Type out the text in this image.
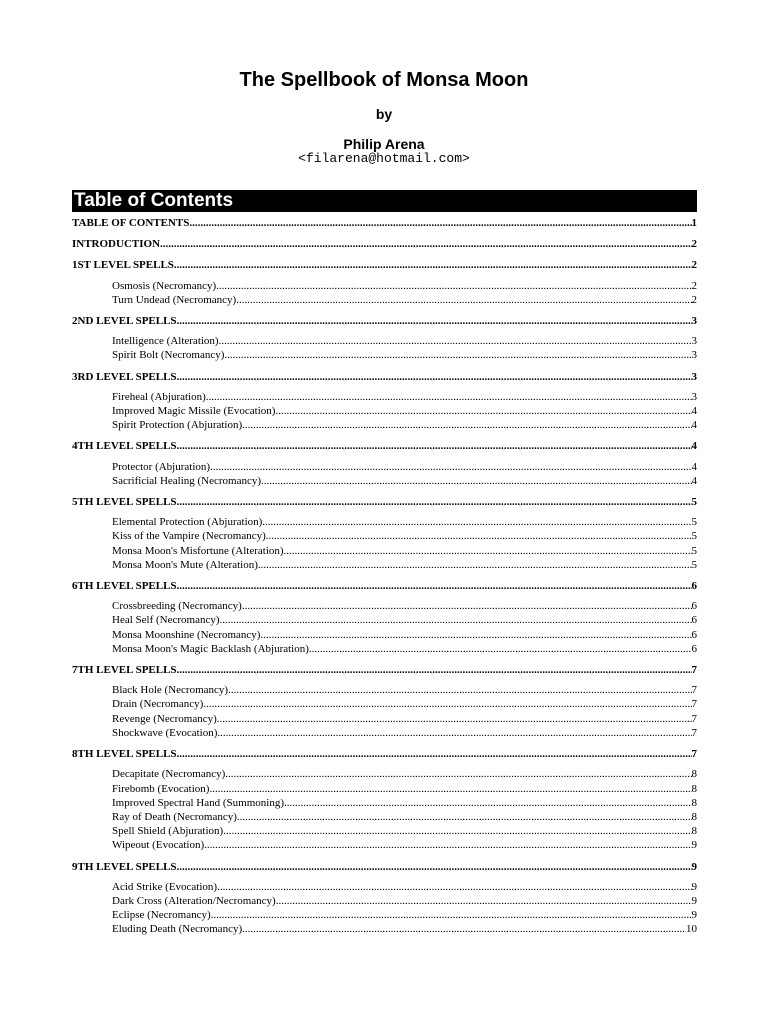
The Spellbook of Monsa Moon
by
Philip Arena
<filarena@hotmail.com>
Table of Contents
TABLE OF CONTENTS .....	1
INTRODUCTION .....	2
1ST LEVEL SPELLS .....	2
Osmosis (Necromancy) .....	2
Turn Undead (Necromancy) .....	2
2ND LEVEL SPELLS .....	3
Intelligence (Alteration) .....	3
Spirit Bolt (Necromancy) .....	3
3RD LEVEL SPELLS .....	3
Fireheal (Abjuration) .....	3
Improved Magic Missile (Evocation) .....	4
Spirit Protection (Abjuration) .....	4
4TH LEVEL SPELLS .....	4
Protector (Abjuration) .....	4
Sacrificial Healing (Necromancy) .....	4
5TH LEVEL SPELLS .....	5
Elemental Protection (Abjuration) .....	5
Kiss of the Vampire (Necromancy) .....	5
Monsa Moon's Misfortune (Alteration) .....	5
Monsa Moon's Mute (Alteration) .....	5
6TH LEVEL SPELLS .....	6
Crossbreeding (Necromancy) .....	6
Heal Self (Necromancy) .....	6
Monsa Moonshine (Necromancy) .....	6
Monsa Moon's Magic Backlash (Abjuration) .....	6
7TH LEVEL SPELLS .....	7
Black Hole (Necromancy) .....	7
Drain (Necromancy) .....	7
Revenge (Necromancy) .....	7
Shockwave (Evocation) .....	7
8TH LEVEL SPELLS .....	7
Decapitate (Necromancy) .....	8
Firebomb (Evocation) .....	8
Improved Spectral Hand (Summoning) .....	8
Ray of Death (Necromancy) .....	8
Spell Shield (Abjuration) .....	8
Wipeout (Evocation) .....	9
9TH LEVEL SPELLS .....	9
Acid Strike (Evocation) .....	9
Dark Cross (Alteration/Necromancy) .....	9
Eclipse (Necromancy) .....	9
Eluding Death (Necromancy) .....	10
